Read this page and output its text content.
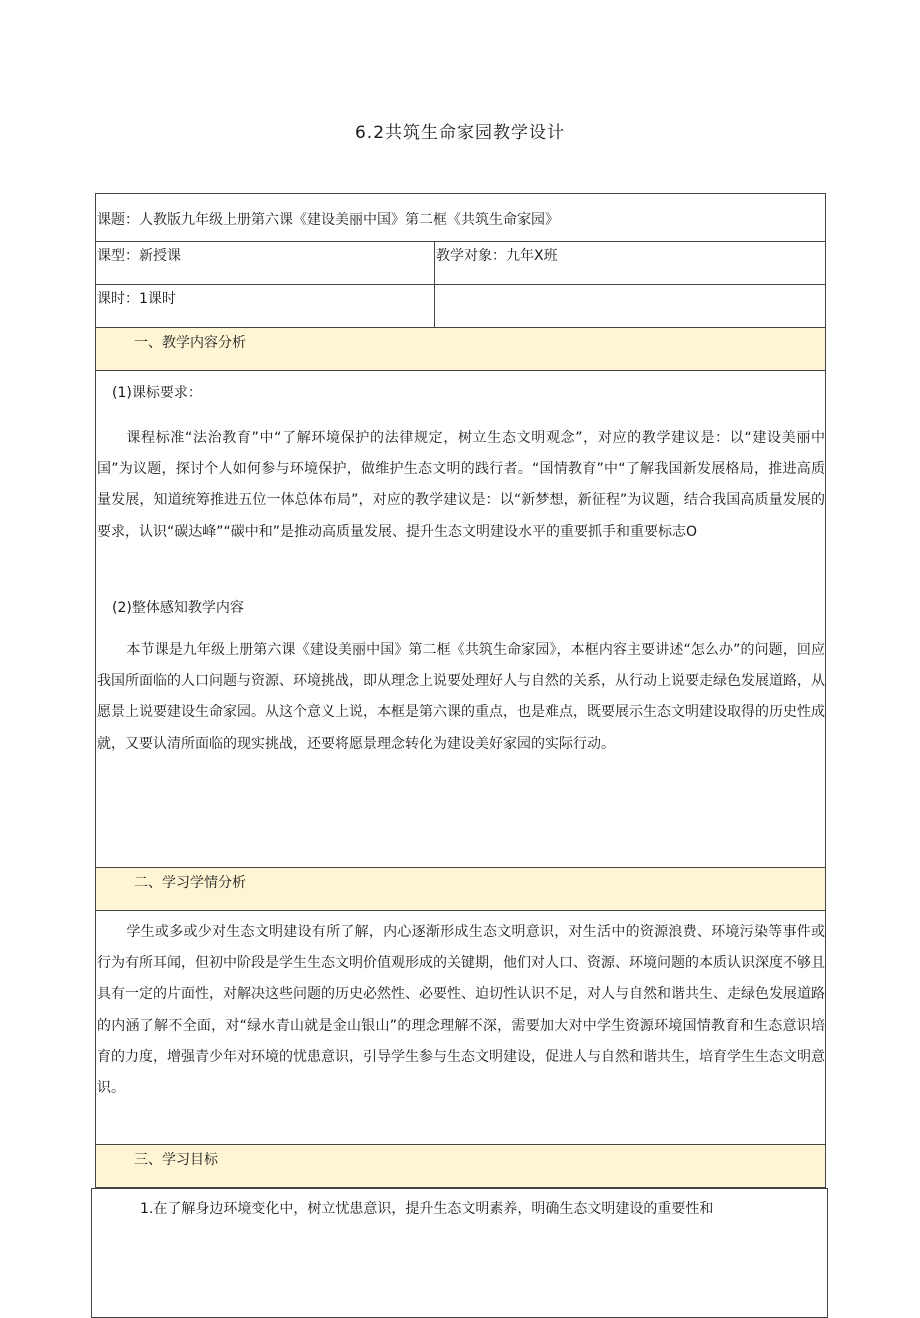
6.2共筑生命家园教学设计
课题：人教版九年级上册第六课《建设美丽中国》第二框《共筑生命家园》
课型：新授课	教学对象：九年X班
课时：1课时
一、教学内容分析
(1)课标要求：

课程标准“法治教育”中“了解环境保护的法律规定，树立生态文明观念”，对应的教学建议是：以“建设美丽中国”为议题，探讨个人如何参与环境保护，做维护生态文明的践行者。“国情教育”中“了解我国新发展格局，推进高质量发展，知道统筹推进五位一体总体布局”，对应的教学建议是：以“新梦想，新征程”为议题，结合我国高质量发展的要求，认识“碳达峰”“碳中和”是推动高质量发展、提升生态文明建设水平的重要抓手和重要标志O

(2)整体感知教学内容

本节课是九年级上册第六课《建设美丽中国》第二框《共筑生命家园》，本框内容主要讲述“怎么办”的问题，回应我国所面临的人口问题与资源、环境挑战，即从理念上说要处理好人与自然的关系，从行动上说要走绿色发展道路，从愿景上说要建设生命家园。从这个意义上说，本框是第六课的重点，也是难点，既要展示生态文明建设取得的历史性成就，又要认清所面临的现实挑战，还要将愿景理念转化为建设美好家园的实际行动。

二、学习学情分析

学生或多或少对生态文明建设有所了解，内心逐渐形成生态文明意识，对生活中的资源浪费、环境污染等事件或行为有所耳闻，但初中阶段是学生生态文明价值观形成的关键期，他们对人口、资源、环境问题的本质认识深度不够且具有一定的片面性，对解决这些问题的历史必然性、必要性、迫切性认识不足，对人与自然和谐共生、走绿色发展道路的内涵了解不全面，对“绿水青山就是金山银山”的理念理解不深，需要加大对中学生资源环境国情教育和生态意识培育的力度，增强青少年对环境的忧患意识，引导学生参与生态文明建设，促进人与自然和谐共生，培育学生生态文明意识。

三、学习目标
1.在了解身边环境变化中，树立忧患意识，提升生态文明素养，明确生态文明建设的重要性和
